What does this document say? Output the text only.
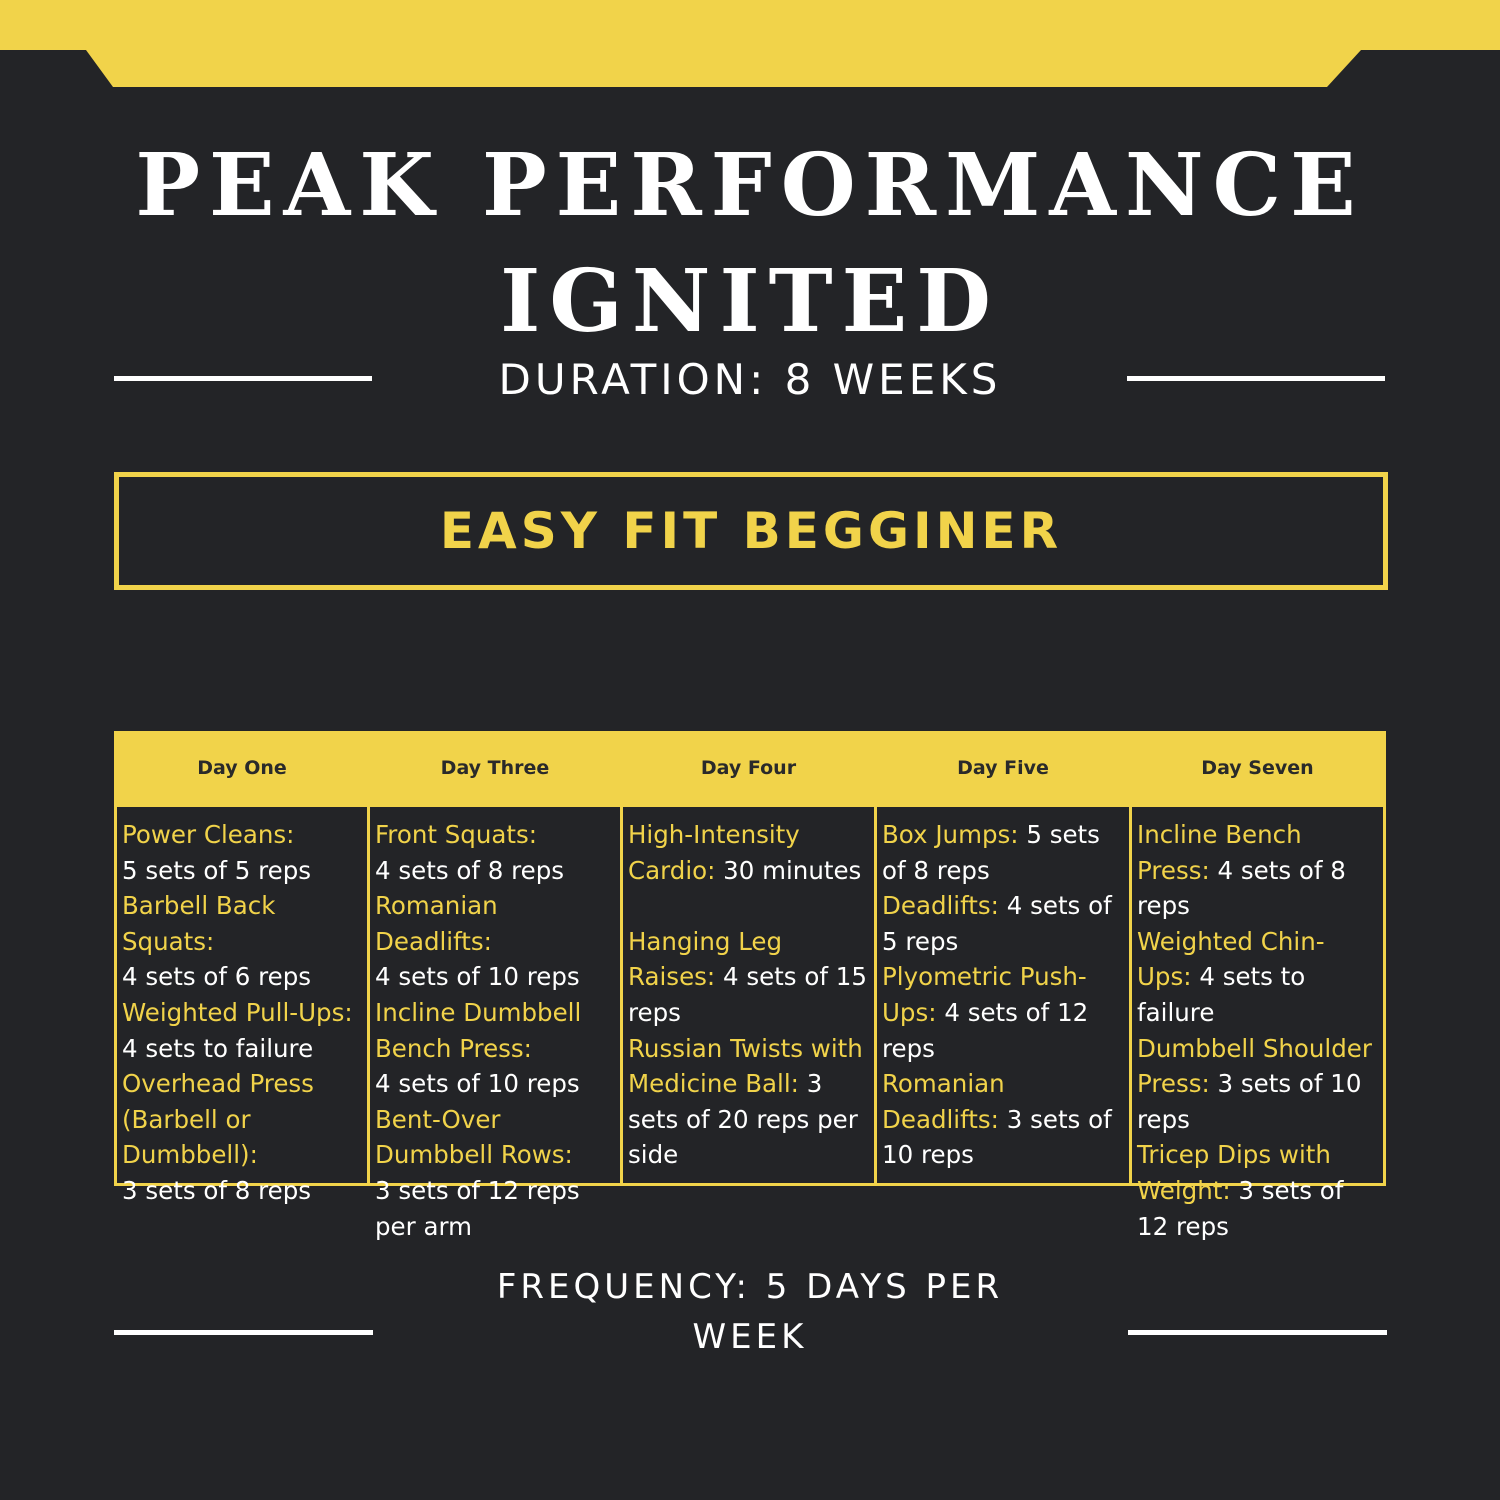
PEAK PERFORMANCE
IGNITED
DURATION: 8 WEEKS
EASY FIT BEGGINER
Day One
Power Cleans:
5 sets of 5 reps
Barbell Back Squats:
4 sets of 6 reps
Weighted Pull-Ups:
4 sets to failure
Overhead Press (Barbell or Dumbbell):
3 sets of 8 reps
Day Three
Front Squats:
4 sets of 8 reps
Romanian Deadlifts:
4 sets of 10 reps
Incline Dumbbell Bench Press:
4 sets of 10 reps
Bent-Over Dumbbell Rows:
3 sets of 12 reps per arm
Day Four
High-Intensity Cardio: 30 minutes
Hanging Leg Raises: 4 sets of 15 reps
Russian Twists with Medicine Ball: 3 sets of 20 reps per side
Day Five
Box Jumps: 5 sets of 8 reps
Deadlifts: 4 sets of 5 reps
Plyometric Push-Ups: 4 sets of 12 reps
Romanian Deadlifts: 3 sets of 10 reps
Day Seven
Incline Bench Press: 4 sets of 8 reps
Weighted Chin-Ups: 4 sets to failure
Dumbbell Shoulder Press: 3 sets of 10 reps
Tricep Dips with Weight: 3 sets of 12 reps
FREQUENCY: 5 DAYS PER WEEK
